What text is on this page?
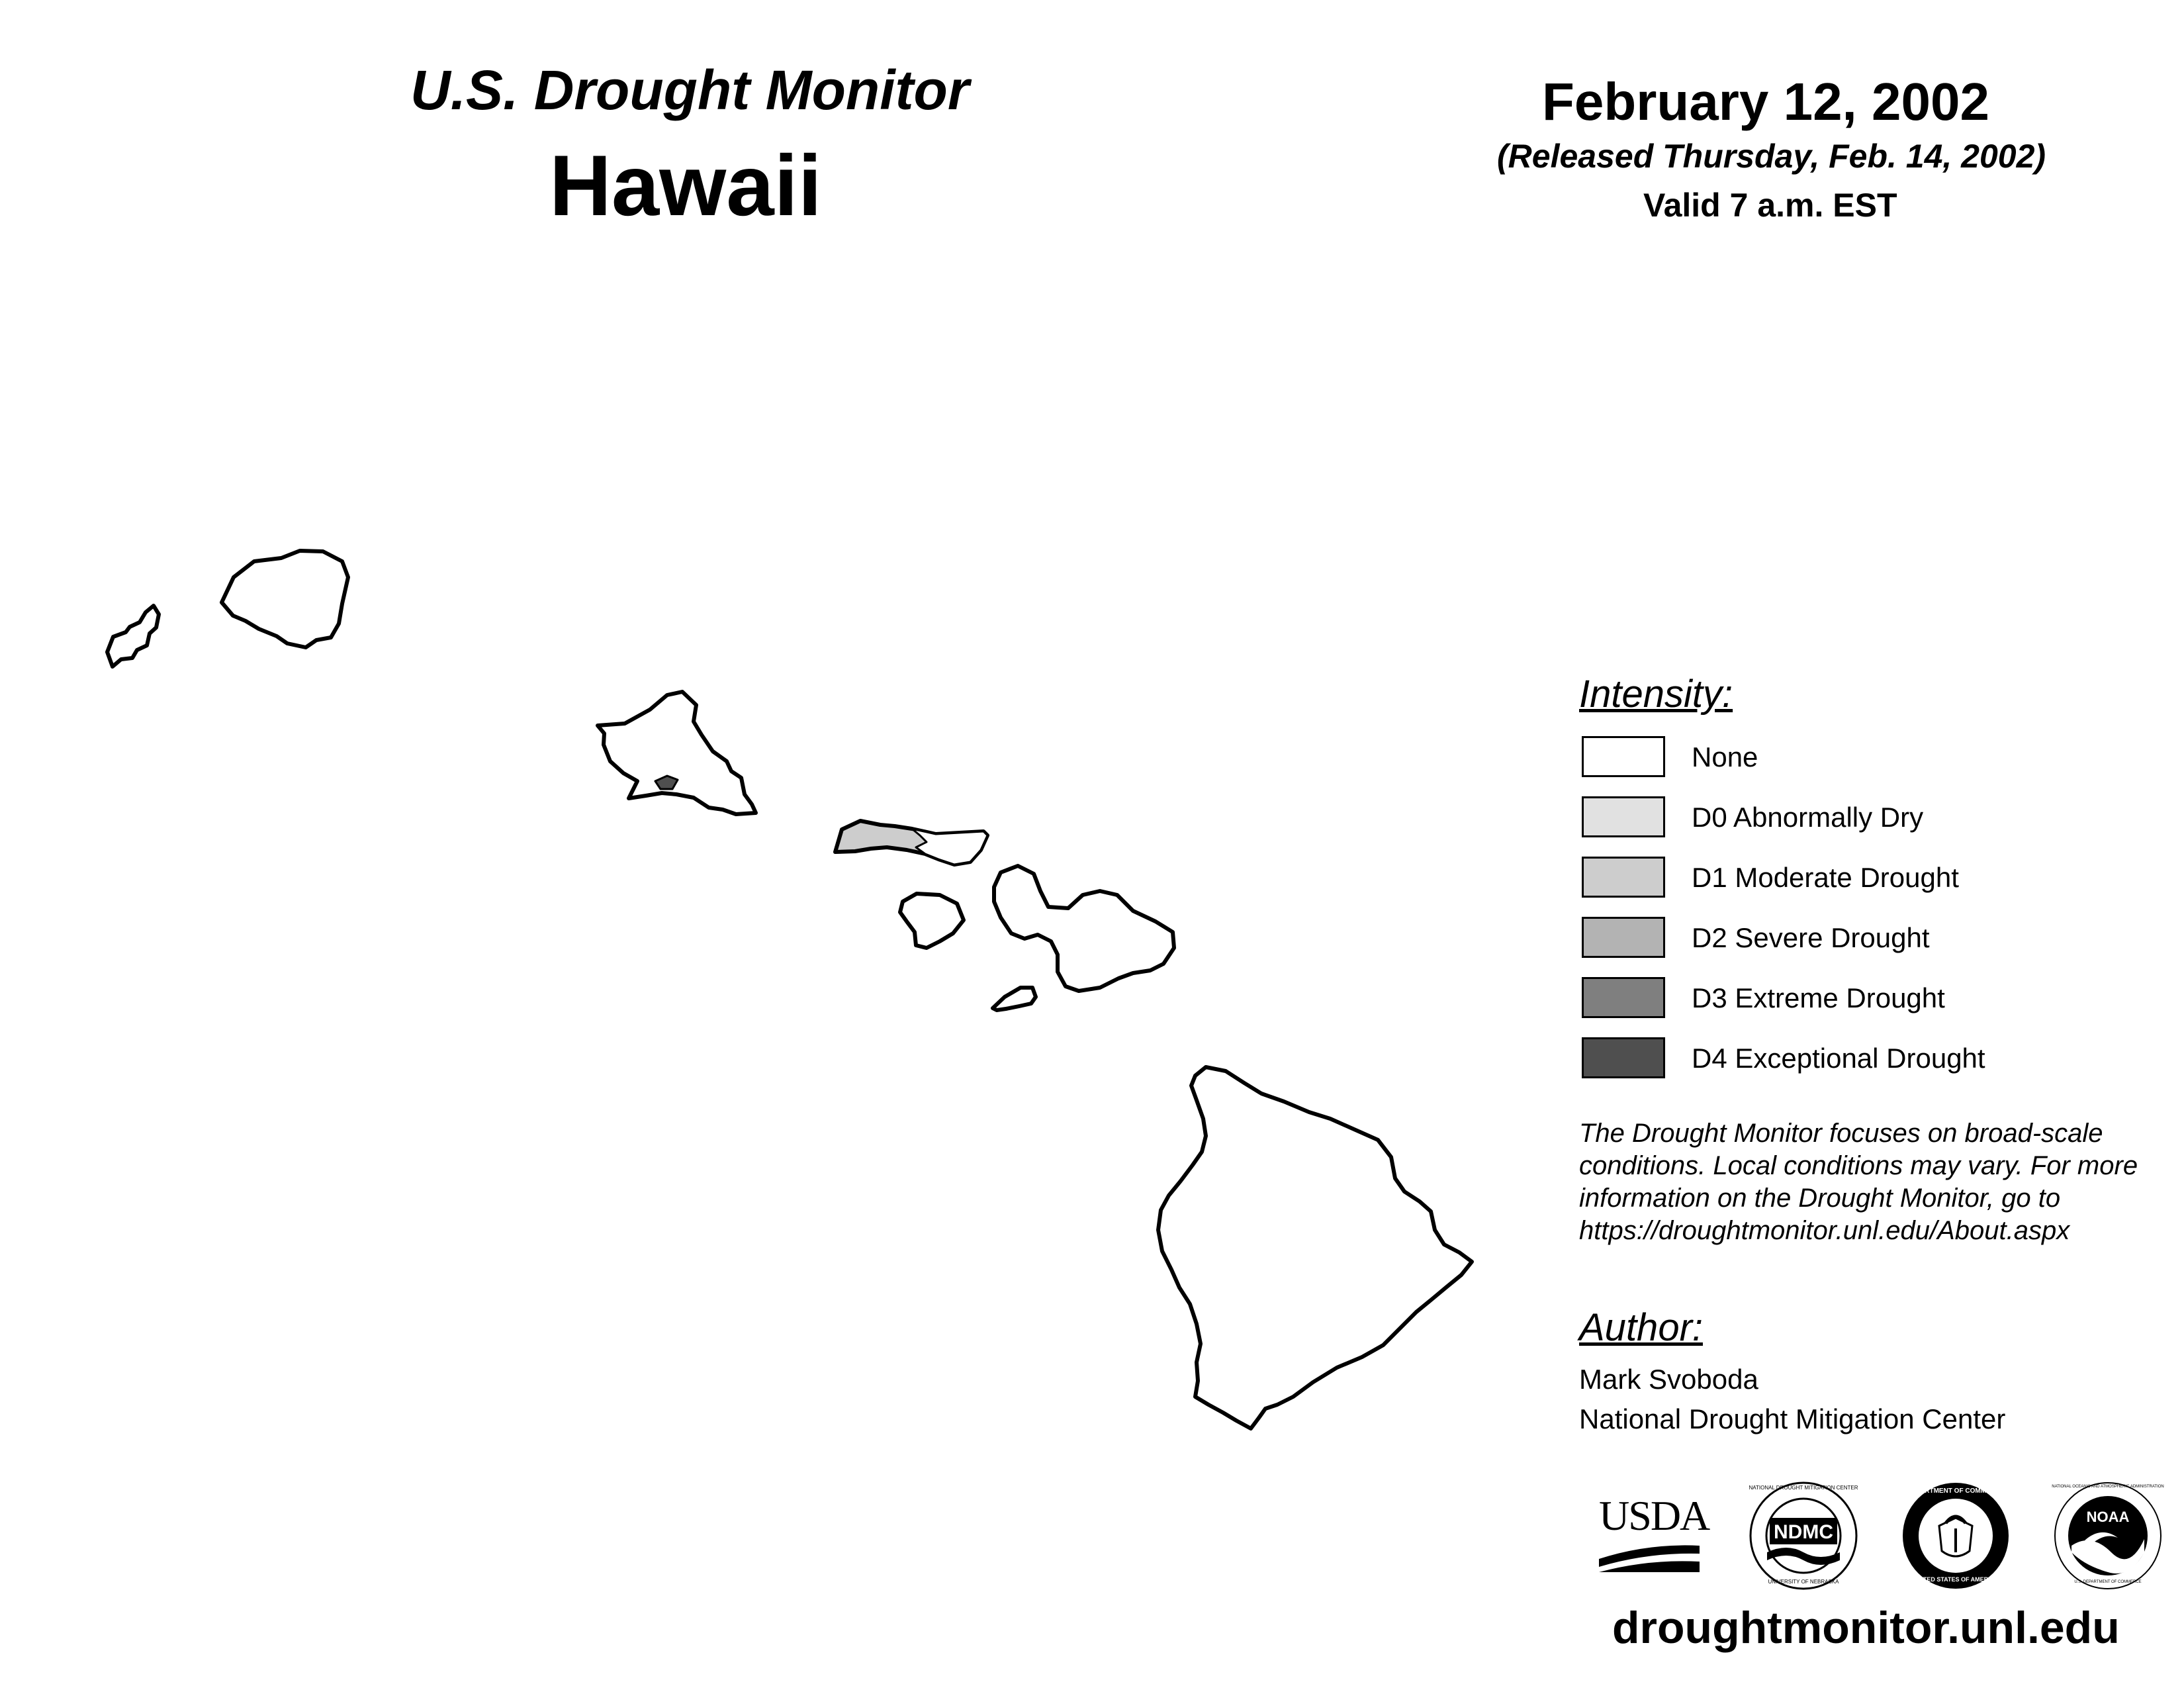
U.S. Drought Monitor
Hawaii
February 12, 2002
(Released Thursday, Feb. 14, 2002)
Valid 7 a.m. EST
Intensity:
None
D0 Abnormally Dry
D1 Moderate Drought
D2 Severe Drought
D3 Extreme Drought
D4 Exceptional Drought
The Drought Monitor focuses on broad-scale
conditions. Local conditions may vary. For more
information on the Drought Monitor, go to
https://droughtmonitor.unl.edu/About.aspx
Author:
Mark Svoboda
National Drought Mitigation Center
USDA	NDMC
NATIONAL DROUGHT MITIGATION CENTER
UNIVERSITY OF NEBRASKA
DEPARTMENT OF COMMERCE
UNITED STATES OF AMERICA
NOAA
NATIONAL OCEANIC AND ATMOSPHERIC ADMINISTRATION
U.S. DEPARTMENT OF COMMERCE
droughtmonitor.unl.edu
